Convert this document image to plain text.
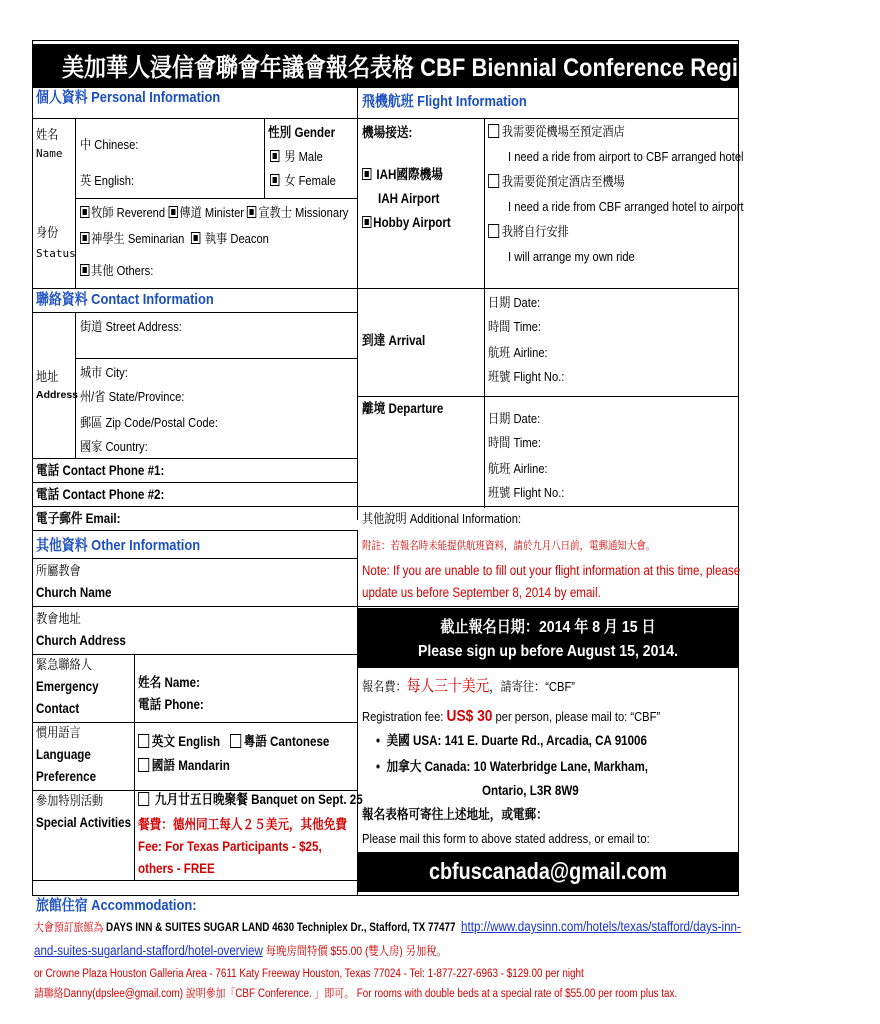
美加華人浸信會聯會年議會報名表格 CBF Biennial Conference Registration Form
個人資料 Personal Information	飛機航班 Flight Information
姓名
Name
中 Chinese:
英 English:
性別 Gender
男 Male
女 Female
身份
Status
牧師 Reverend 傳道 Minister 宣教士 Missionary
神學生 Seminarian 執事 Deacon
其他 Others:
機場接送:
IAH國際機場
IAH Airport
Hobby Airport
我需要從機場至預定酒店
I need a ride from airport to CBF arranged hotel
我需要從預定酒店至機場
I need a ride from CBF arranged hotel to airport
我將自行安排
I will arrange my own ride
聯絡資料 Contact Information
街道 Street Address:
地址
Address
城市 City:
州/省 State/Province:
郵區 Zip Code/Postal Code:
國家 Country:
電話 Contact Phone #1:
電話 Contact Phone #2:
電子郵件 Email:
到達 Arrival
日期 Date:
時間 Time:
航班 Airline:
班號 Flight No.:
離境 Departure
日期 Date:
時間 Time:
航班 Airline:
班號 Flight No.:
其他說明 Additional Information:
附註：若報名時未能提供航班資料，請於九月八日前，電郵通知大會。
Note: If you are unable to fill out your flight information at this time, please
update us before September 8, 2014 by email.
其他資料 Other Information
所屬教會
Church Name
教會地址
Church Address
緊急聯絡人
Emergency
Contact
姓名 Name:
電話 Phone:
慣用語言
Language
Preference
英文 English 粵語 Cantonese
國語 Mandarin
參加特別活動
Special Activities
九月廿五日晚聚餐 Banquet on Sept. 25
餐費：德州同工每人２５美元，其他免費
Fee: For Texas Participants - $25,
others - FREE
截止報名日期：2014 年 8 月 15 日
Please sign up before August 15, 2014.
報名費：每人三十美元，請寄往：“CBF”
Registration fee: US$ 30 per person, please mail to: “CBF”
•  美國 USA: 141 E. Duarte Rd., Arcadia, CA 91006
•  加拿大 Canada: 10 Waterbridge Lane, Markham,
Ontario, L3R 8W9
報名表格可寄往上述地址，或電郵：
Please mail this form to above stated address, or email to:
cbfuscanada@gmail.com
旅館住宿 Accommodation:
大會預訂旅館為 DAYS INN & SUITES SUGAR LAND 4630 Techniplex Dr., Stafford, TX 77477 http://www.daysinn.com/hotels/texas/stafford/days-inn-
and-suites-sugarland-stafford/hotel-overview 每晚房間特價 $55.00 (雙人房) 另加稅。
or Crowne Plaza Houston Galleria Area - 7611 Katy Freeway Houston, Texas 77024 - Tel: 1-877-227-6963 - $129.00 per night
請聯絡Danny(dpslee@gmail.com) 說明參加「CBF Conference. 」即可。 For rooms with double beds at a special rate of $55.00 per room plus tax.
